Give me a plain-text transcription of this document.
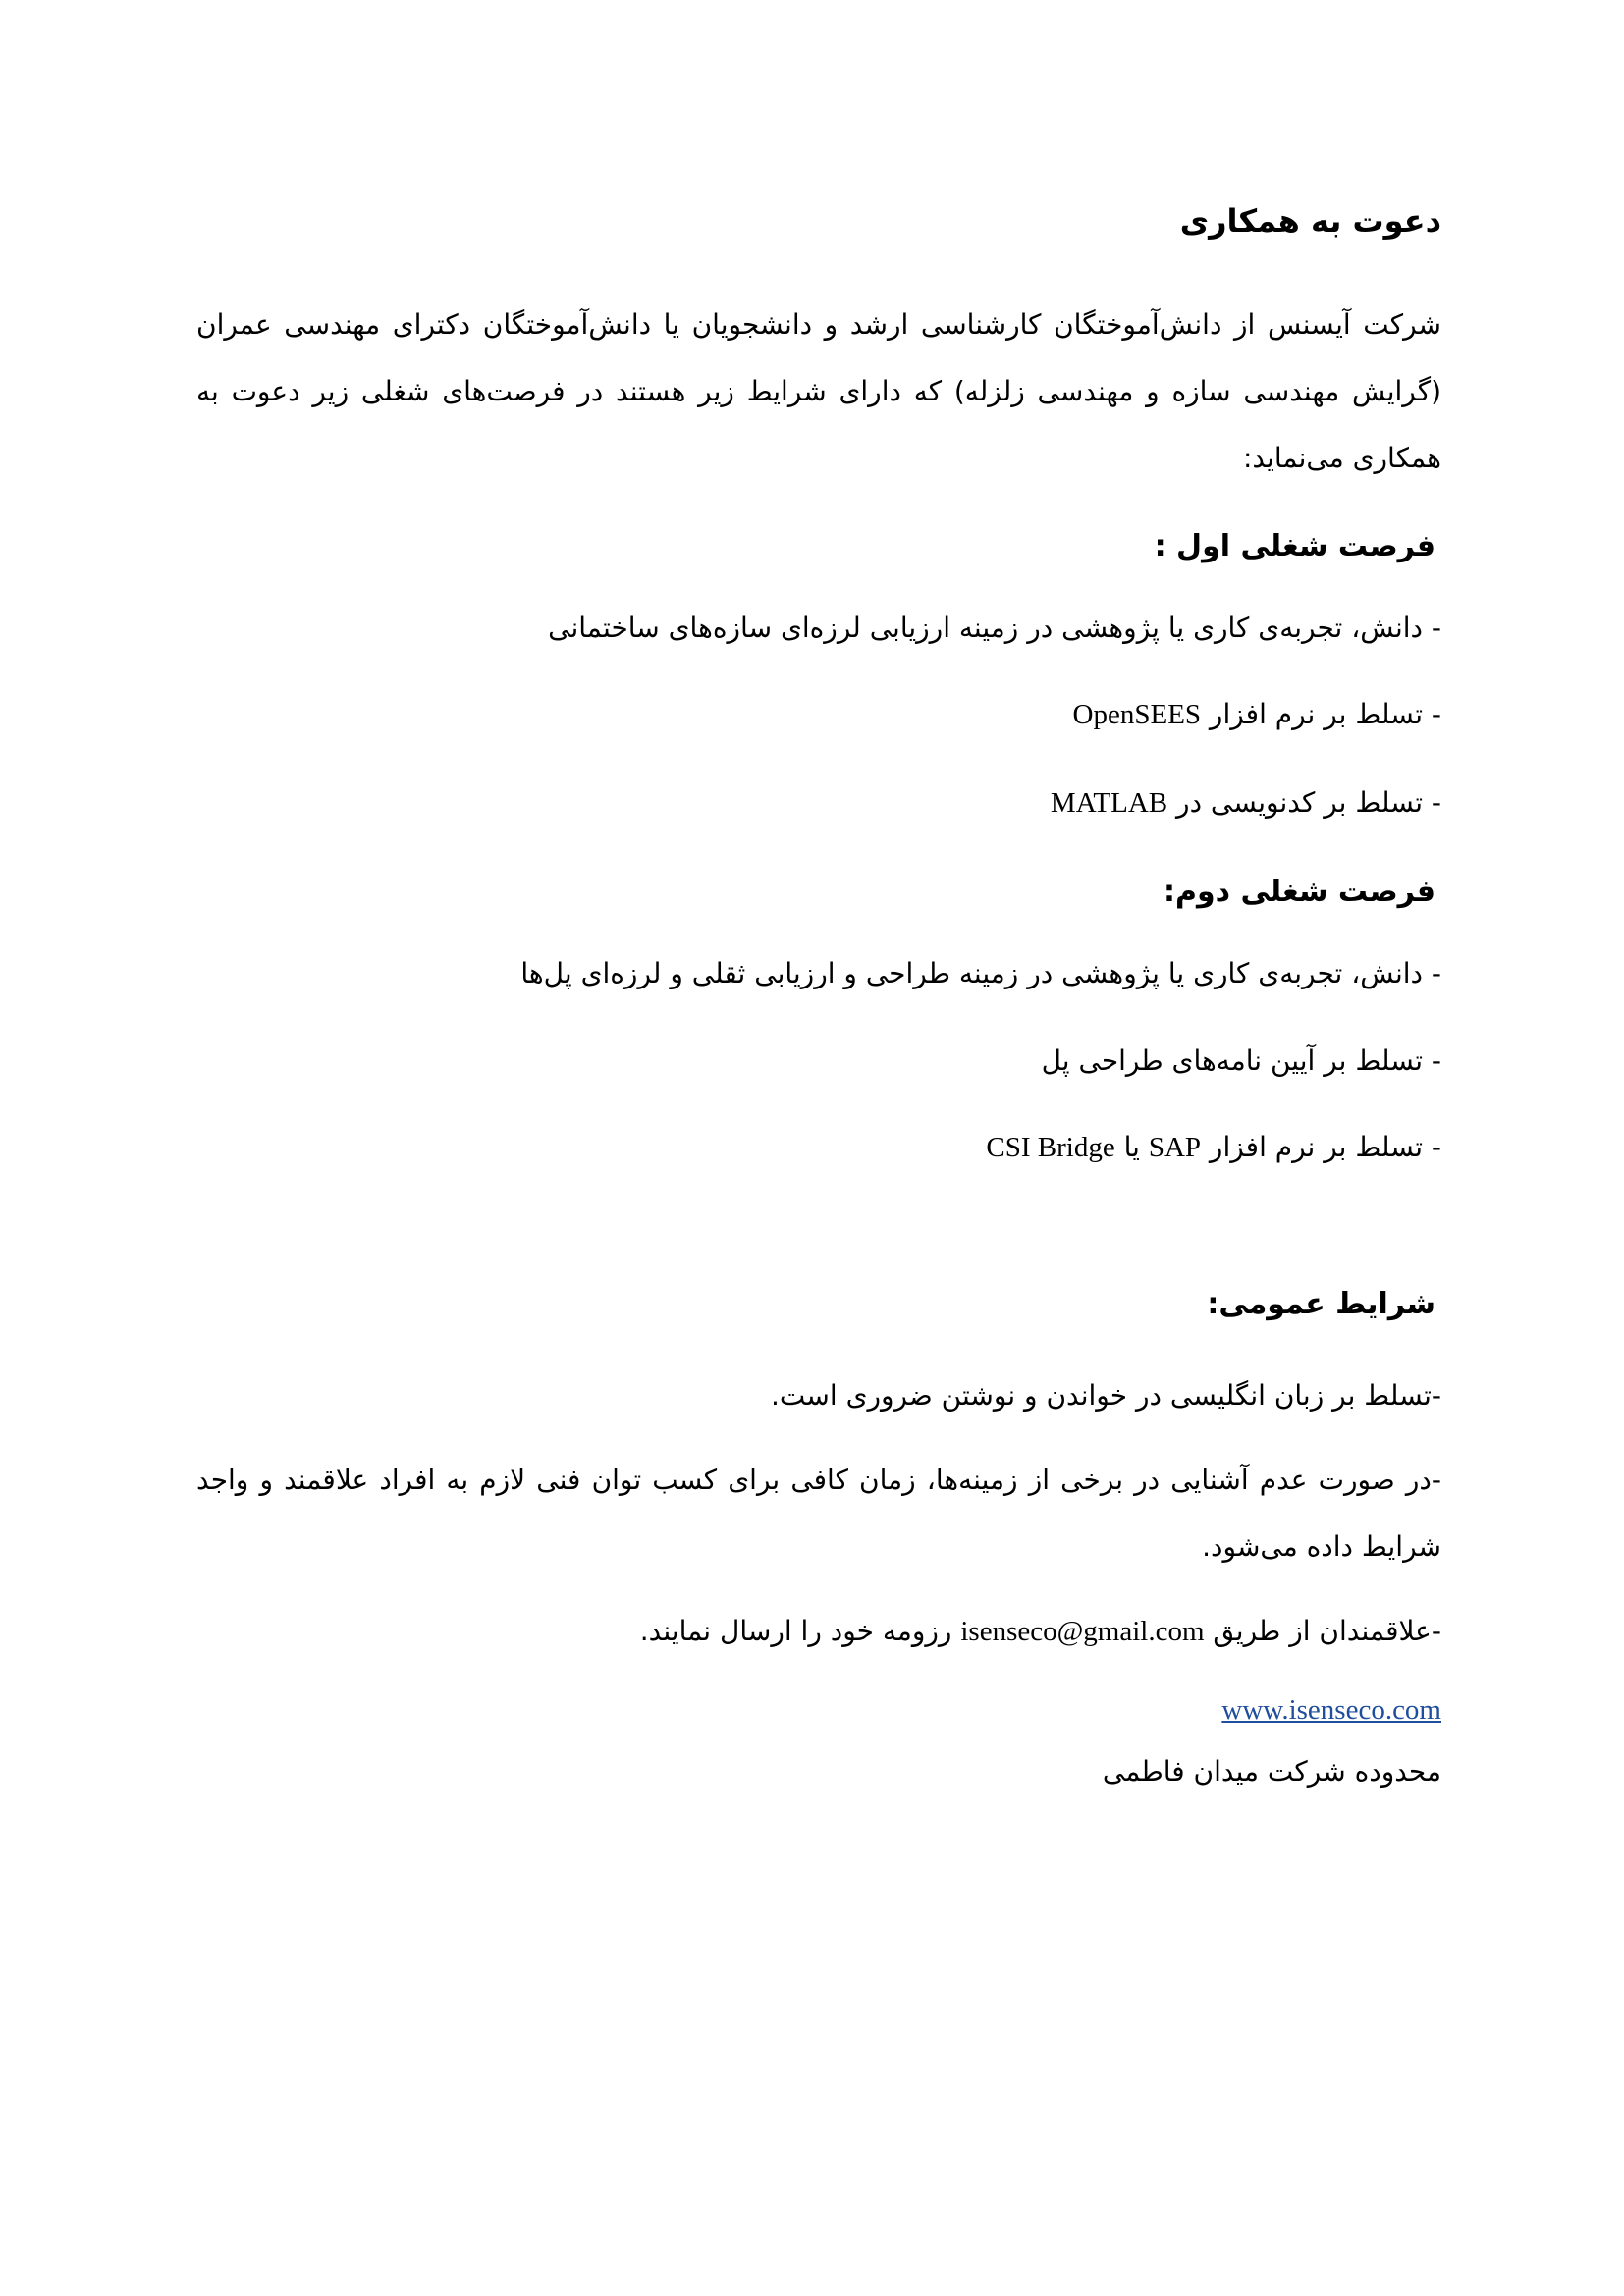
دعوت به همکاری

شرکت آیسنس از دانش‌آموختگان کارشناسی ارشد و دانشجویان یا دانش‌آموختگان دکترای مهندسی عمران (گرایش مهندسی سازه و مهندسی زلزله) که دارای شرایط زیر هستند در فرصت‌های شغلی زیر دعوت به همکاری می‌نماید:

فرصت شغلی اول :
- دانش، تجربه‌ی کاری یا پژوهشی در زمینه ارزیابی لرزه‌ای سازه‌های ساختمانی
- تسلط بر نرم افزار OpenSEES
- تسلط بر کدنویسی در MATLAB
فرصت شغلی دوم:
- دانش، تجربه‌ی کاری یا پژوهشی در زمینه طراحی و ارزیابی ثقلی و لرزه‌ای پل‌ها
- تسلط بر آیین نامه‌های طراحی پل
- تسلط بر نرم افزار SAP یا CSI Bridge
شرایط عمومی:
-تسلط بر زبان انگلیسی در خواندن و نوشتن ضروری است.
-در صورت عدم آشنایی در برخی از زمینه‌ها، زمان کافی برای کسب توان فنی لازم به افراد علاقمند و واجد شرایط داده می‌شود.
-علاقمندان از طریق isenseco@gmail.com رزومه خود را ارسال نمایند.
www.isenseco.com
محدوده شرکت میدان فاطمی
